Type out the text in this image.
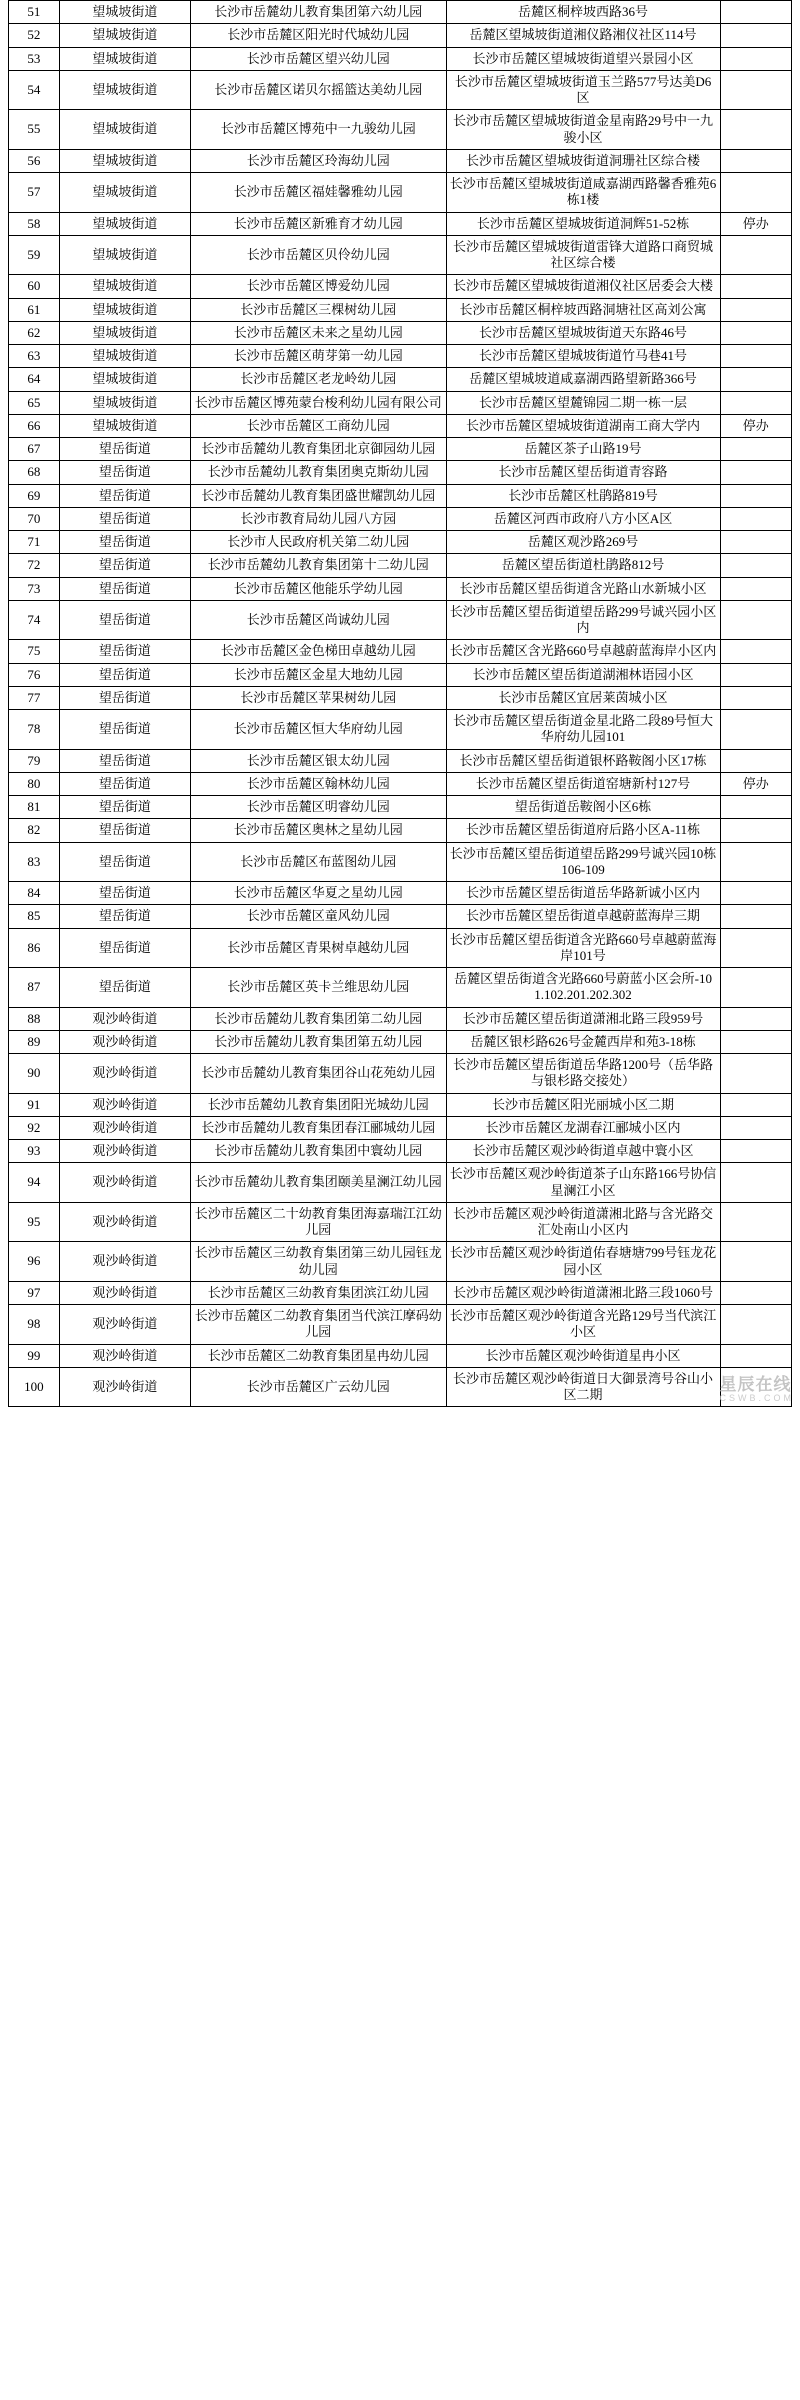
51	望城坡街道	长沙市岳麓幼儿教育集团第六幼儿园	岳麓区桐梓坡西路36号	
52	望城坡街道	长沙市岳麓区阳光时代城幼儿园	岳麓区望城坡街道湘仪路湘仪社区114号	
53	望城坡街道	长沙市岳麓区望兴幼儿园	长沙市岳麓区望城坡街道望兴景园小区	
54	望城坡街道	长沙市岳麓区诺贝尔摇篮达美幼儿园	长沙市岳麓区望城坡街道玉兰路577号达美D6区	
55	望城坡街道	长沙市岳麓区博苑中一九骏幼儿园	长沙市岳麓区望城坡街道金星南路29号中一九骏小区	
56	望城坡街道	长沙市岳麓区玲海幼儿园	长沙市岳麓区望城坡街道洞珊社区综合楼	
57	望城坡街道	长沙市岳麓区福娃馨雅幼儿园	长沙市岳麓区望城坡街道咸嘉湖西路馨香雅苑6栋1楼	
58	望城坡街道	长沙市岳麓区新雅育才幼儿园	长沙市岳麓区望城坡街道洞辉51-52栋	停办
59	望城坡街道	长沙市岳麓区贝伶幼儿园	长沙市岳麓区望城坡街道雷锋大道路口商贸城社区综合楼	
60	望城坡街道	长沙市岳麓区博爱幼儿园	长沙市岳麓区望城坡街道湘仪社区居委会大楼	
61	望城坡街道	长沙市岳麓区三棵树幼儿园	长沙市岳麓区桐梓坡西路洞塘社区高刘公寓	
62	望城坡街道	长沙市岳麓区未来之星幼儿园	长沙市岳麓区望城坡街道天东路46号	
63	望城坡街道	长沙市岳麓区萌芽第一幼儿园	长沙市岳麓区望城坡街道竹马巷41号	
64	望城坡街道	长沙市岳麓区老龙岭幼儿园	岳麓区望城坡道咸嘉湖西路望新路366号	
65	望城坡街道	长沙市岳麓区博苑蒙台梭利幼儿园有限公司	长沙市岳麓区望麓锦园二期一栋一层	
66	望城坡街道	长沙市岳麓区工商幼儿园	长沙市岳麓区望城坡街道湖南工商大学内	停办
67	望岳街道	长沙市岳麓幼儿教育集团北京御园幼儿园	岳麓区茶子山路19号	
68	望岳街道	长沙市岳麓幼儿教育集团奥克斯幼儿园	长沙市岳麓区望岳街道青容路	
69	望岳街道	长沙市岳麓幼儿教育集团盛世耀凯幼儿园	长沙市岳麓区杜鹃路819号	
70	望岳街道	长沙市教育局幼儿园八方园	岳麓区河西市政府八方小区A区	
71	望岳街道	长沙市人民政府机关第二幼儿园	岳麓区观沙路269号	
72	望岳街道	长沙市岳麓幼儿教育集团第十二幼儿园	岳麓区望岳街道杜鹃路812号	
73	望岳街道	长沙市岳麓区他能乐学幼儿园	长沙市岳麓区望岳街道含光路山水新城小区	
74	望岳街道	长沙市岳麓区尚诚幼儿园	长沙市岳麓区望岳街道望岳路299号诚兴园小区内	
75	望岳街道	长沙市岳麓区金色梯田卓越幼儿园	长沙市岳麓区含光路660号卓越蔚蓝海岸小区内	
76	望岳街道	长沙市岳麓区金星大地幼儿园	长沙市岳麓区望岳街道湖湘林语园小区	
77	望岳街道	长沙市岳麓区苹果树幼儿园	长沙市岳麓区宜居莱茵城小区	
78	望岳街道	长沙市岳麓区恒大华府幼儿园	长沙市岳麓区望岳街道金星北路二段89号恒大华府幼儿园101	
79	望岳街道	长沙市岳麓区银太幼儿园	长沙市岳麓区望岳街道银杯路鞍阁小区17栋	
80	望岳街道	长沙市岳麓区翰林幼儿园	长沙市岳麓区望岳街道窑塘新村127号	停办
81	望岳街道	长沙市岳麓区明睿幼儿园	望岳街道岳鞍阁小区6栋	
82	望岳街道	长沙市岳麓区奥林之星幼儿园	长沙市岳麓区望岳街道府后路小区A-11栋	
83	望岳街道	长沙市岳麓区布蓝图幼儿园	长沙市岳麓区望岳街道望岳路299号诚兴园10栋106-109	
84	望岳街道	长沙市岳麓区华夏之星幼儿园	长沙市岳麓区望岳街道岳华路新诚小区内	
85	望岳街道	长沙市岳麓区童风幼儿园	长沙市岳麓区望岳街道卓越蔚蓝海岸三期	
86	望岳街道	长沙市岳麓区青果树卓越幼儿园	长沙市岳麓区望岳街道含光路660号卓越蔚蓝海岸101号	
87	望岳街道	长沙市岳麓区英卡兰维思幼儿园	岳麓区望岳街道含光路660号蔚蓝小区会所-101.102.201.202.302	
88	观沙岭街道	长沙市岳麓幼儿教育集团第二幼儿园	长沙市岳麓区望岳街道潇湘北路三段959号	
89	观沙岭街道	长沙市岳麓幼儿教育集团第五幼儿园	岳麓区银杉路626号金麓西岸和苑3-18栋	
90	观沙岭街道	长沙市岳麓幼儿教育集团谷山花苑幼儿园	长沙市岳麓区望岳街道岳华路1200号（岳华路与银杉路交接处）	
91	观沙岭街道	长沙市岳麓幼儿教育集团阳光城幼儿园	长沙市岳麓区阳光丽城小区二期	
92	观沙岭街道	长沙市岳麓幼儿教育集团春江郦城幼儿园	长沙市岳麓区龙湖春江郦城小区内	
93	观沙岭街道	长沙市岳麓幼儿教育集团中寰幼儿园	长沙市岳麓区观沙岭街道卓越中寰小区	
94	观沙岭街道	长沙市岳麓幼儿教育集团颐美星澜江幼儿园	长沙市岳麓区观沙岭街道茶子山东路166号协信星澜江小区	
95	观沙岭街道	长沙市岳麓区二十幼教育集团海嘉瑞江江幼儿园	长沙市岳麓区观沙岭街道潇湘北路与含光路交汇处南山小区内	
96	观沙岭街道	长沙市岳麓区三幼教育集团第三幼儿园钰龙幼儿园	长沙市岳麓区观沙岭街道佑春塘塘799号钰龙花园小区	
97	观沙岭街道	长沙市岳麓区三幼教育集团滨江幼儿园	长沙市岳麓区观沙岭街道潇湘北路三段1060号	
98	观沙岭街道	长沙市岳麓区二幼教育集团当代滨江摩码幼儿园	长沙市岳麓区观沙岭街道含光路129号当代滨江小区	
99	观沙岭街道	长沙市岳麓区二幼教育集团星冉幼儿园	长沙市岳麓区观沙岭街道星冉小区	
100	观沙岭街道	长沙市岳麓区广云幼儿园	长沙市岳麓区观沙岭街道日大御景湾号谷山小区二期	
星辰在线
CSWB.COM
